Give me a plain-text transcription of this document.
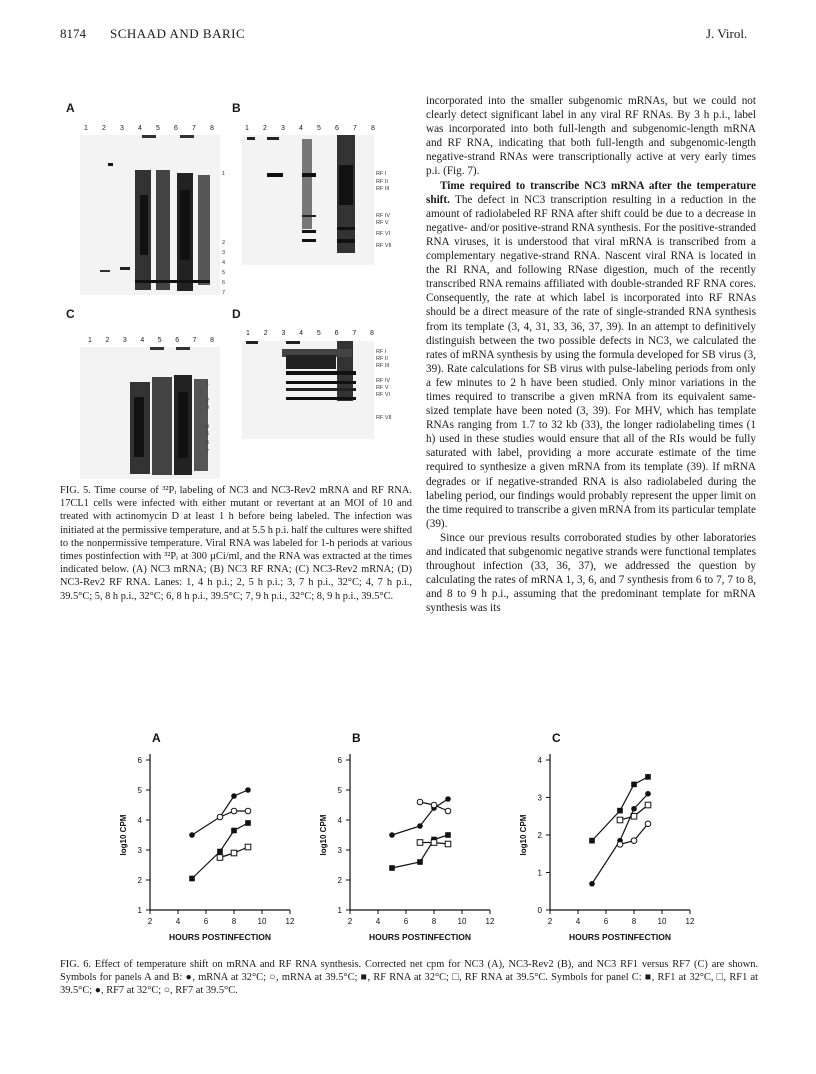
8174 SCHAAD AND BARIC	J. Virol.
A
1 2 3 4 5 6 7 8
1
2
3
4
5
6
7
B
1 2 3 4 5 6 7 8
RF I
RF II
RF III
RF IV
RF V
RF VI
RF VII
C
1 2 3 4 5 6 7 8
1
2
3
4
5
6
7
D
1 2 3 4 5 6 7 8
RF I
RF II
RF III
RF IV
RF V
RF VI
RF VII
FIG. 5. Time course of ³²Pᵢ labeling of NC3 and NC3-Rev2 mRNA and RF RNA. 17CL1 cells were infected with either mutant or revertant at an MOI of 10 and treated with actinomycin D at least 1 h before being labeled. The infection was initiated at the permissive temperature, and at 5.5 h p.i. half the cultures were shifted to the nonpermissive temperature. Viral RNA was labeled for 1-h periods at various times postinfection with ³²Pᵢ at 300 µCi/ml, and the RNA was extracted at the times indicated below. (A) NC3 mRNA; (B) NC3 RF RNA; (C) NC3-Rev2 mRNA; (D) NC3-Rev2 RF RNA. Lanes: 1, 4 h p.i.; 2, 5 h p.i.; 3, 7 h p.i., 32°C; 4, 7 h p.i., 39.5°C; 5, 8 h p.i., 32°C; 6, 8 h p.i., 39.5°C; 7, 9 h p.i., 32°C; 8, 9 h p.i., 39.5°C.

incorporated into the smaller subgenomic mRNAs, but we could not clearly detect significant label in any viral RF RNAs. By 3 h p.i., label was incorporated into both full-length and subgenomic-length mRNA and RF RNA, indicating that both full-length and subgenomic-length negative-strand RNAs were transcriptionally active at very early times p.i. (Fig. 7).

Time required to transcribe NC3 mRNA after the temperature shift. The defect in NC3 transcription resulting in a reduction in the amount of radiolabeled RF RNA after shift could be due to a decrease in negative- and/or positive-strand RNA synthesis. For the positive-stranded RNA viruses, it is understood that viral mRNA is transcribed from a complementary negative-strand RNA. Nascent viral RNA is located in the RI RNA, and following RNase digestion, much of the recently transcribed RNA remains affiliated with double-stranded RF RNA cores. Consequently, the rate at which label is incorporated into RF RNAs should be a direct measure of the rate of single-stranded RNA synthesis from its template (3, 4, 31, 33, 36, 37, 39). In an attempt to definitively distinguish between the two possible defects in NC3, we calculated the rates of mRNA synthesis by using the formula developed for SB virus (3, 39). Rate calculations for SB virus with pulse-labeling periods from only a few minutes to 2 h have been studied. Only minor variations in the times required to transcribe a given mRNA from its equivalent same-sized template have been noted (3, 39). For MHV, which has template RNAs ranging from 1.7 to 32 kb (33), the longer radiolabeling times (1 h) used in these studies would ensure that all of the RIs would be fully saturated with label, providing a more accurate estimate of the time required to synthesize a given mRNA from its template (39). If mRNA degrades or if negative-stranded RNA is also radiolabeled during the labeling period, our findings would probably represent the upper limit on the time required to transcribe a given mRNA from its particular template (39).

Since our previous results corroborated studies by other laboratories and indicated that subgenomic negative strands were functional templates throughout infection (33, 36, 37), we addressed the question by calculating the rates of mRNA 1, 3, 6, and 7 synthesis from 6 to 7, 7 to 8, and 8 to 9 h p.i., assuming that the predominant template for mRNA synthesis was its

A
1
2
3
4
5
6
2	4	6	8	10 12
HOURS POSTINFECTION
log10 CPM
B
1
2
3
4
5
6
2	4	6	8	10 12
HOURS POSTINFECTION
log10 CPM
C
0
1
2
3
4
2	4	6	8	10 12
HOURS POSTINFECTION
log10 CPM
FIG. 6. Effect of temperature shift on mRNA and RF RNA synthesis. Corrected net cpm for NC3 (A), NC3-Rev2 (B), and NC3 RF1 versus RF7 (C) are shown. Symbols for panels A and B: ●, mRNA at 32°C; ○, mRNA at 39.5°C; ■, RF RNA at 32°C; □, RF RNA at 39.5°C. Symbols for panel C: ■, RF1 at 32°C, □, RF1 at 39.5°C; ●, RF7 at 32°C; ○, RF7 at 39.5°C.
